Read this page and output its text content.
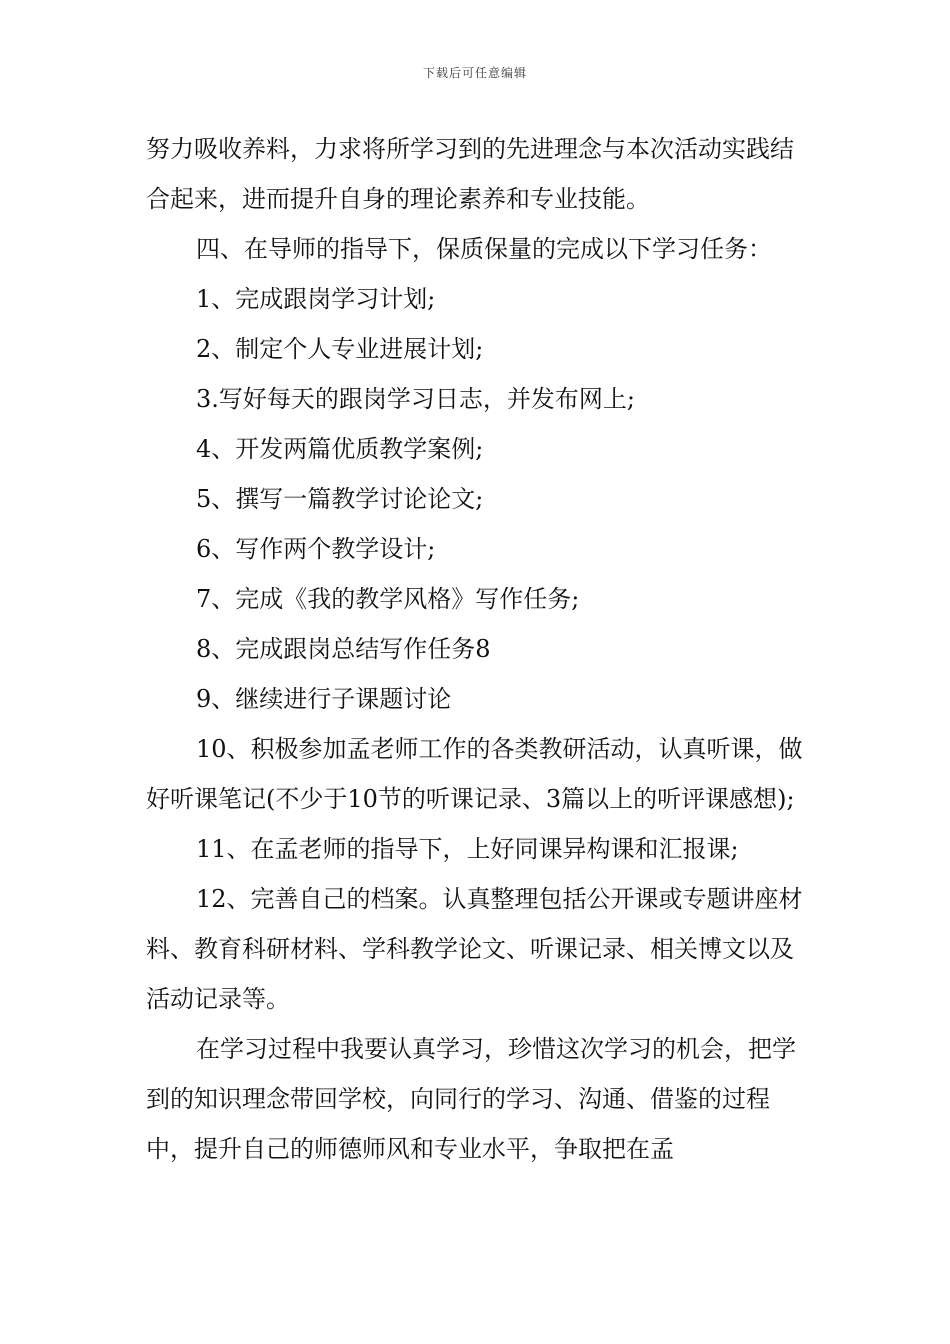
下载后可任意编辑

努力吸收养料，力求将所学习到的先进理念与本次活动实践结合起来，进而提升自身的理论素养和专业技能。

四、在导师的指导下，保质保量的完成以下学习任务：

1、完成跟岗学习计划;

2、制定个人专业进展计划;

3.写好每天的跟岗学习日志，并发布网上;

4、开发两篇优质教学案例;

5、撰写一篇教学讨论论文;

6、写作两个教学设计;

7、完成《我的教学风格》写作任务;

8、完成跟岗总结写作任务8

9、继续进行子课题讨论

10、积极参加孟老师工作的各类教研活动，认真听课，做好听课笔记(不少于10节的听课记录、3篇以上的听评课感想);

11、在孟老师的指导下，上好同课异构课和汇报课;

12、完善自己的档案。认真整理包括公开课或专题讲座材料、教育科研材料、学科教学论文、听课记录、相关博文以及活动记录等。

在学习过程中我要认真学习，珍惜这次学习的机会，把学到的知识理念带回学校，向同行的学习、沟通、借鉴的过程中，提升自己的师德师风和专业水平，争取把在孟
